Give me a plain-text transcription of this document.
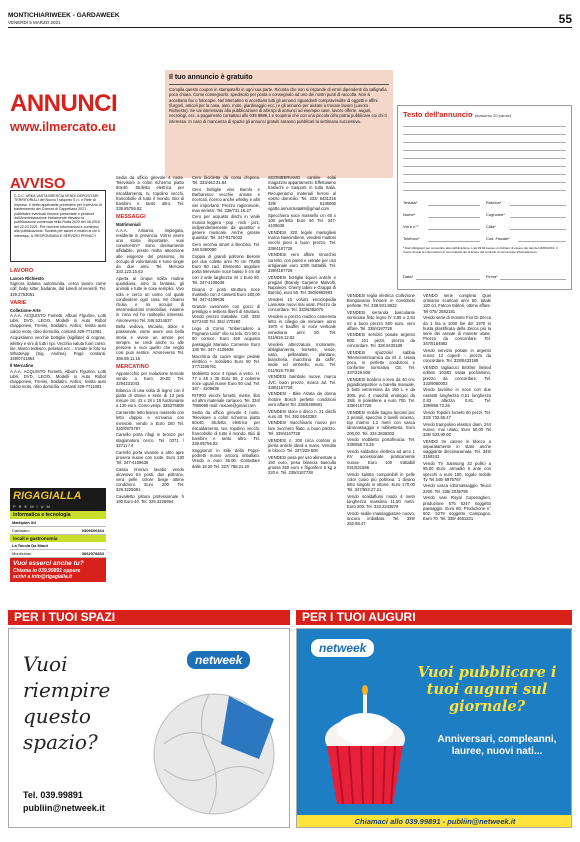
MONTICHIARIWEEK - GARDAWEEK
VENERDÌ 5 MARZO 2021	55
ANNUNCI
www.ilmercato.eu
Il tuo annuncio è gratuito

Compila questo coupon in stampatello in ogni sua parte. Riconta che non si risponde di errori dipendenti da calligrafia poco chiara. Come consegnarlo: spediscilo per posta o consegnalo ad uno dei nostri punti di raccolta. Non si accettano fax o fotocopie. Nel Mercatino si accettano tutti gli annunci riguardanti compravendite di oggetti e affini (furgoni, articoli per la casa, auto, moto, giardinaggio ecc.) e gli annunci per aiutare a trovare lavoro (Lavoro Richiesto). Se vai interessato alla pubblicazione di altri tipi di annunci ad esempio case, lavoro offerte, auguri, necrologi, ecc. a pagamento contattaci allo 039.9989.1 e scoprirai che con una piccola cifra potrai pubblicare coi chi ti interessa. In caso di mancanza di spazio gli annunci gratuiti saranno pubblicati la settimana successiva.

Testo dell'annuncio (massimo 20 parole)
Testata*	Rubrica*
Nome*	Cognome*
Via e n°*	Città*
Telefono*	Cod. Fiscale*
* Dati obbligatori per consentire alla pubblicazione. L'art.93 93 stesso mi dichiaro di essere dei dati del 26/06/2016. Il Vostro di tutte le Informazioni di incontratanti dei di lettere del controllo di comunicare all'amatamento.
Data*	Firma*
AVVISO
C.O.C. AREA VASTA BRESCIA VENDI DEPOSITARI TERRITORIALI del Nuovo Trasporto S.r.l. e Rete di Imprese. Il diritto applicabile prevedere per il servizio di trasferimento dei Comuni di Cappellano 2021 - pubblicare eventuali rinunce presentate o pensioni dall'Amministrazione inizialmente rilevano la pubblicazione contenuta nella Rotta 2020 del 08-2016 del 22.03.2021. Per ricevere informazioni e consenso alla pubblicazione. Società per azioni e relativi ai chi ti interessa. IL RESPONSABILE SERVIZIO PRIVACY
LAVORO
Lavoro Richiesto

Signora italiana automunita, cerca lavoro come colf, baby sitter, badante, dal lunedì al venerdì. Tel. 329.2753051

VARIE
Collezione-Arte

A.A.A. ACQUISTO Fumetti, Albuni Figurine, Lotti Libri, DVD, LEGO, Modelli in Auto Robot Giapponesi, Trenini, Soldatini, Antico, rivista auto calcio moto, ritiro domicilio, contanti 329-7711081

Acquistiamo vecchie bottiglie (sigillate) di cognac, whisky e vini di tutti i tipi. Vecchia valuta fuori corso: lire, Marco tedesco, pesetas ecc... Inviate le foto su WhatsApp (Sig. Andrea). Pago contanti. 349/0741864

Il Mercatino

A.A.A. ACQUISTO Fumetti, Alburni Figurine, Lotti Libri, DVD, LEGO, Modelli in Auto Robot Giapponesi, Trenini, Soldatini, Antico, rivista auto calcio moto, ritiro domicilio, contanti 329-7711081

RIGAGIALLA
PREMIUM
informatica e tecnologia
Martiplan Srl
Calvisano	0309600544
locali e gastronomia
La Tavola Da Mauri
Montichiari	3662578833
Vuoi esserci anche tu?
Chiama lo 039.99891 oppure
scrivi a info@rigagialla.it

Sedia da ufficio girevole 4 ruote. Televisore a colori schermo piatto 60x40. Stufetta elettrica per riscaldamento, tv, topolino vecchi, francobollo di tutto il mondo. Bici di bambini e tanto altro. Tel. 339.85756.82

MESSAGGI
Matrimoniali

A.A.A. Amiamo, impiegata, residente in provincia. Vorrei vivere una storia importante, vuoi conoscermi? Sono decisamente affidabile, presto molta attenzione alle esigenze del prossimo, mi occupo di volontariato e sono single da due anni. Tel. Mercato 333.123.15.63

Aperta ai cinque solita routine quotidiana, amo la fantasia, gli animali e tutte le cose semplici. Vivo sola e cerco un uomo col quale condividere ogni cosa. Mi chiamo Giulia e mi occupo di intermediazioni immobiliari, insieme in zona ed ho molteplici interessi. Amoreverso Tel. 346.5314637

Bella vedova, Micaela, dolce e passionale, vorrei avere una bella storia e vivere un amore per sempre. se credi anche tu alle persone e vuoi quello che veglio cosi puoi sentire. Amoreverso Tel. 366.89.11.15

MERCATINO

Apparecchio per inalazione termale vendo a Euro 20.00 Tel. 3294231043

Bilancia di una volta di legno con il piatto di ottone e serie di 13 pesi misure cm. 42 x 18 x 18 funzionante a 130 euro. Como vespi. 335375808

Camerette letto bianco massello con letto doppio e scrivania con mensole. vendo a Euro 200 Tel. 340/0975767

Carrello porta rifugi in bronzo per stagionatura cerco. Tel. 0371 / 32711 / 4

Carrello porta vivande a altro apre provera nuove con ruote. Euro 130 Tel. 347-4109636

Cassa rinnovo lavabo vendo alcanovo tre posti, due poltrone, vera pelle colore beige ottime condizioni. Euro 200 Tel. 329.3225691

Cavalletto pittura professionale h 180 Euro 40. Tel. 329.3225694

Cero bicicletta da corsa d'epoca. Tel. 333/463.31.84

Cero bottiglie vino Barolo e Barbaresco vecchie annate e ricercati, ricerco anche whisky e altri vini importanti. Prezzo ragionevole, max serieta'. Tel. 339/731.16.27

Cero per acquisto dischi in vinile musica leggera - pop - rock - jazz, indipendentemente da quantita' e genere musicale. Anche grosse quantita'. Tel. 347-9175032

Cero vecchia smart a Benzina. Tel. 340.5350090

Coppia di grandi poltrone Beromi per due colette anni 70 cm 70x85 Euro 80 cad. Elemento angolare porta televisore noce basso h cm 48 con 2 ante larghezza mt 1 Euro 60. Tel. 347-4109636

Divano 2 posti struttura noce massello con 2 cassetti Euro 180,00 Tel. 347-4109636

Grande cuscinone con gocci di prestigio e testiera liberti di struttura. Vendo prezzo trattabile. Cell. 335/ 6272430 Tel. 351/ 270260

Lego di Como "Imbercadero a Pognana Lario" olio su tela. Cm 50 x 60 cornice. Euro 160 acquisto passaggio Mariano Comense Euro 130 Tel. 347- 4109636

Macchina da cucire singer pedale elettrico + mobiletto Euro 50 Tel. 377/1195761

Mobiletto noce 4 ripiani a vetro. H. 77 x 48 x 35 Euro 50. 2 colonne noce uguali nuove Euro 60 cad. Tel. 347 - 4109636

RITIRO vecchi fumetti, riviste, libri ed altro materiale cartaceo. Tel. 334/ 7865699 mail: raxtam@gmail.com

Sedia da ufficio girevole 4 ruote. Televisore a colori schermo piatto 60x40. Stufetta elettrica per riscaldamento, tev, topolino vecchi, francobollo di tutto il mondo. Bici di bambini e tanto altro. Tel. 339.85756.82

Soggiorno/ in stile della Poppi-pedretti nuovo ancora imballato. Vendo a euro 35.00. Contattare dalle 18 20 Tel. 327/ 788.21.20

SGOMBERIAMO cantine solai magazzini appartamenti. Effettuiamo traslochi e trasporti in tutta Italia. Recuperiamo materiali ferrosi al vostro domicilio. Tel. 333/ 6431316 329/ 6136060 vgatto.annunziata69@gmail.com

Specchiera noce massello cm 60 x 100 perfetta Euro 50 Tel. 347- 4109636

VENDESI 320 tegole marsigliesi marca Nascimbene, vendesi mattoni vecchi pieni a buon prezzo. Tel. 339/4167728

VENDESI vero affare rimorchio carrello, con pareti e vetrate per uso artigianale euro 1000 trattabili. Tel. 339/4167728

VENDESI bottiglie liquori antichi e pregiati (Brandy Carpene Malvolti, Napoleon, Cherry tabini e Grappa di Barolo), euro 50. Tel. 380/6992993

Vendesi 15 volumi enciclopedia Larousse nuovi mai usati. Prezzo da concordare. Tel. 333/6382070

Vendesi a prezzo modico cameretta letto in ciliegio da reinviare anno 1970 e bauffet in noce verticale veneziana anni 50. Tel. 011/619.12.82

Vendesi attrezzatura motorante, abbigliamento, borsette, tende, vaso, pellasalate, plantane, biancheria, macchina da caffe', sedie ed ombrello, euro. Tel. 011/919.79.99

VENDESI bambole nuove, marca JVC, buon prezzo, marca Jul. Tel. 338/4167728

VENDESI - Bike Alzata da donna motore Bosch perfette condizioni vero affare! Tel. 338/6499581

VENDESI stoce e disco n. 21 dischi euro 40. Tel. 392.6543392

VENDESI macchinario nuovo per fare zucchero filato, a buon prezzo. Tel. 339/4167728

VENDESI n. 200 circa cordoni in pietra antichi ideali a mano. Vendita in blocco. Tel. 337/229.508

VENDESI pesa per uso alimentare a 150 euro, pesa bilancia basculla grossa 250 euro e frigorifero 5 kg a 220 e. Tel. 339/4167728

VENDESI teglia elettrica Collezione Bongiovanni frinoere in condizioni perfette. Tel. 338.501.8622

VENDESI serranda basculante verniciata finto legno h/ 3,95 x 2,54 ml a buon prezzo 500 euro, vero affare. Tel. 339/4167728

VENDESI servizio posate argento 800. 101 pezzi, prezzo da concordare. Tel. 328.5433188

VENDESI spazzole/ sabbia Telemometricamica da mt 2. Usata poco, in perfette condizioni e conforme normativa CE. Tel. 337/229.508

VENDESI bordino a leva da 40 cm. pigiadiraspatrice a barella manuale, 2 botti vetroresina da 150 L e da 300L pvc 4 maschili enologici da 35lit. in polietilene a euro 700. Tel. 339/4167728

VENDESI mobile bagno laccato pvc 2 pensili, specchio 2 lavelli incasso, top marmo 1,2 metri con vasca idromassaggio e rubinetteria. Euro 200,00. Tel. 334.3636303

Vendo mobiletto portafreacia. Tel. 339/858.73.26

Vendo saldatrice elettrica ad arco 1 KV accessoriate praticamente nuova- Euro 100 trattabili 031/521586

Vendo salotto componibili in pelle color cuoio più poltrona. 1 divano letto singolo in ottone. Euro 170,00 Tel. 347/553.27.21

Vendo scaldaflumi modo 4 metri lunghezza massima 11,50 metri. Euro 200. Tel. 333.2243879

Vendo sedile massaggiatore nuovo, ancora imballato. Tel. 339/ 252.68.47

VENDO serie completa Quei ormiamo scaricati anni 50, totale 120 cd, Fatcon Editori, ottime affare. Tel 075/ 2582181

Vendo serie di monete Fior Di Zecca da 1 lira a 1000 lire del 1970 in busta plastificata della Zecca più la serie dei annate di monete usate. Prezzo da concordare. Tel. 347/5164862

Vendo servizio posate in argento nuovo 12 coperti - prezzo da concordare. Tel. 328/5433188

VENDO tagliacuci Brother limited edition 1034D usata pochissimo, prezzo da concordare. Tel. 333/9060003

Vendo tavolino in noce con due cassetti lunghezza 0.51 lunghezza 0.83 altezza 0.61. Tel. 339/858.73.26

Vendo Topolini fumetti 60 pezzi. Tel. 333/ 732.65.47

Vendo trampolino elastico diam. 244 nuovo, mai usato, Euro 50,00 Tel 335/ 533.90.00

VENDO tre catene in blocco a separatamente in stato anche viaggiante diecimaramata. Tel. 349/ 3169243

Vendo TV Samsung 32 pollici a 95,00 Euro. armadio 6 ante con specchi a euro 150, regalo mobile Tv Tel 340/ 6975767

Vendo vasca idromassaggio Teuco 2200. Tel. 338/ 2035795

Vendo vasi Royal Copenaghen, produzione 575 6247 soggetto paesaggio. Euro 80. Produzione n° 602. 5279 soggetto Campagna. Euro 70. Tel. 339/ 4651231

PER I TUOI SPAZI	PER I TUOI AUGURI
Vuoi riempire questo spazio?
netweek
Tel. 039.99891
publiin@netweek.it
netweek
Vuoi pubblicare i tuoi auguri sul giornale?
Anniversari, compleanni, lauree, nuovi nati...
Chiamaci allo 039.99891 - publiin@netweek.it
